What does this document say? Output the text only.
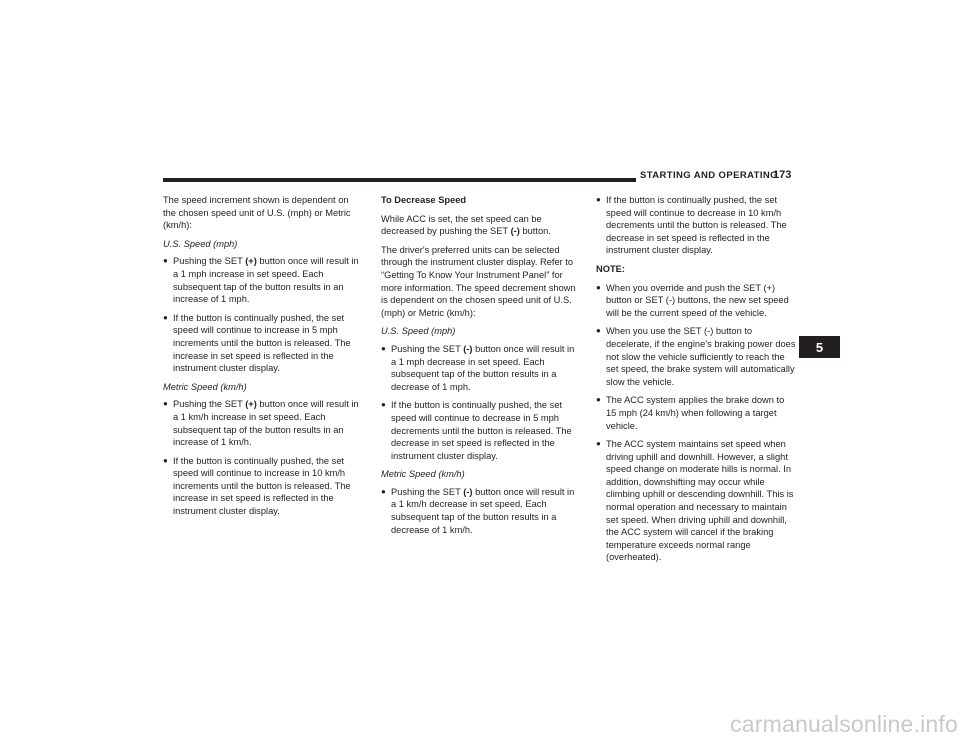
STARTING AND OPERATING
173

The speed increment shown is dependent on the chosen speed unit of U.S. (mph) or Metric (km/h):

U.S. Speed (mph)

● Pushing the SET (+) button once will result in a 1 mph increase in set speed. Each subsequent tap of the button results in an increase of 1 mph.
● If the button is continually pushed, the set speed will continue to increase in 5 mph increments until the button is released. The increase in set speed is reflected in the instrument cluster display.

Metric Speed (km/h)

● Pushing the SET (+) button once will result in a 1 km/h increase in set speed. Each subsequent tap of the button results in an increase of 1 km/h.
● If the button is continually pushed, the set speed will continue to increase in 10 km/h increments until the button is released. The increase in set speed is reflected in the instrument cluster display.

To Decrease Speed

While ACC is set, the set speed can be decreased by pushing the SET (-) button.

The driver's preferred units can be selected through the instrument cluster display. Refer to “Getting To Know Your Instrument Panel” for more information. The speed decrement shown is dependent on the chosen speed unit of U.S. (mph) or Metric (km/h):

U.S. Speed (mph)

● Pushing the SET (-) button once will result in a 1 mph decrease in set speed. Each subsequent tap of the button results in a decrease of 1 mph.
● If the button is continually pushed, the set speed will continue to decrease in 5 mph decrements until the button is released. The decrease in set speed is reflected in the instrument cluster display.

Metric Speed (km/h)

● Pushing the SET (-) button once will result in a 1 km/h decrease in set speed. Each subsequent tap of the button results in a decrease of 1 km/h.
● If the button is continually pushed, the set speed will continue to decrease in 10 km/h decrements until the button is released. The decrease in set speed is reflected in the instrument cluster display.

NOTE:

● When you override and push the SET (+) button or SET (-) buttons, the new set speed will be the current speed of the vehicle.
● When you use the SET (-) button to decelerate, if the engine’s braking power does not slow the vehicle sufficiently to reach the set speed, the brake system will automatically slow the vehicle.
● The ACC system applies the brake down to 15 mph (24 km/h) when following a target vehicle.
● The ACC system maintains set speed when driving uphill and downhill. However, a slight speed change on moderate hills is normal. In addition, downshifting may occur while climbing uphill or descending downhill. This is normal operation and necessary to maintain set speed. When driving uphill and downhill, the ACC system will cancel if the braking temperature exceeds normal range (overheated).
5
carmanualsonline.info
